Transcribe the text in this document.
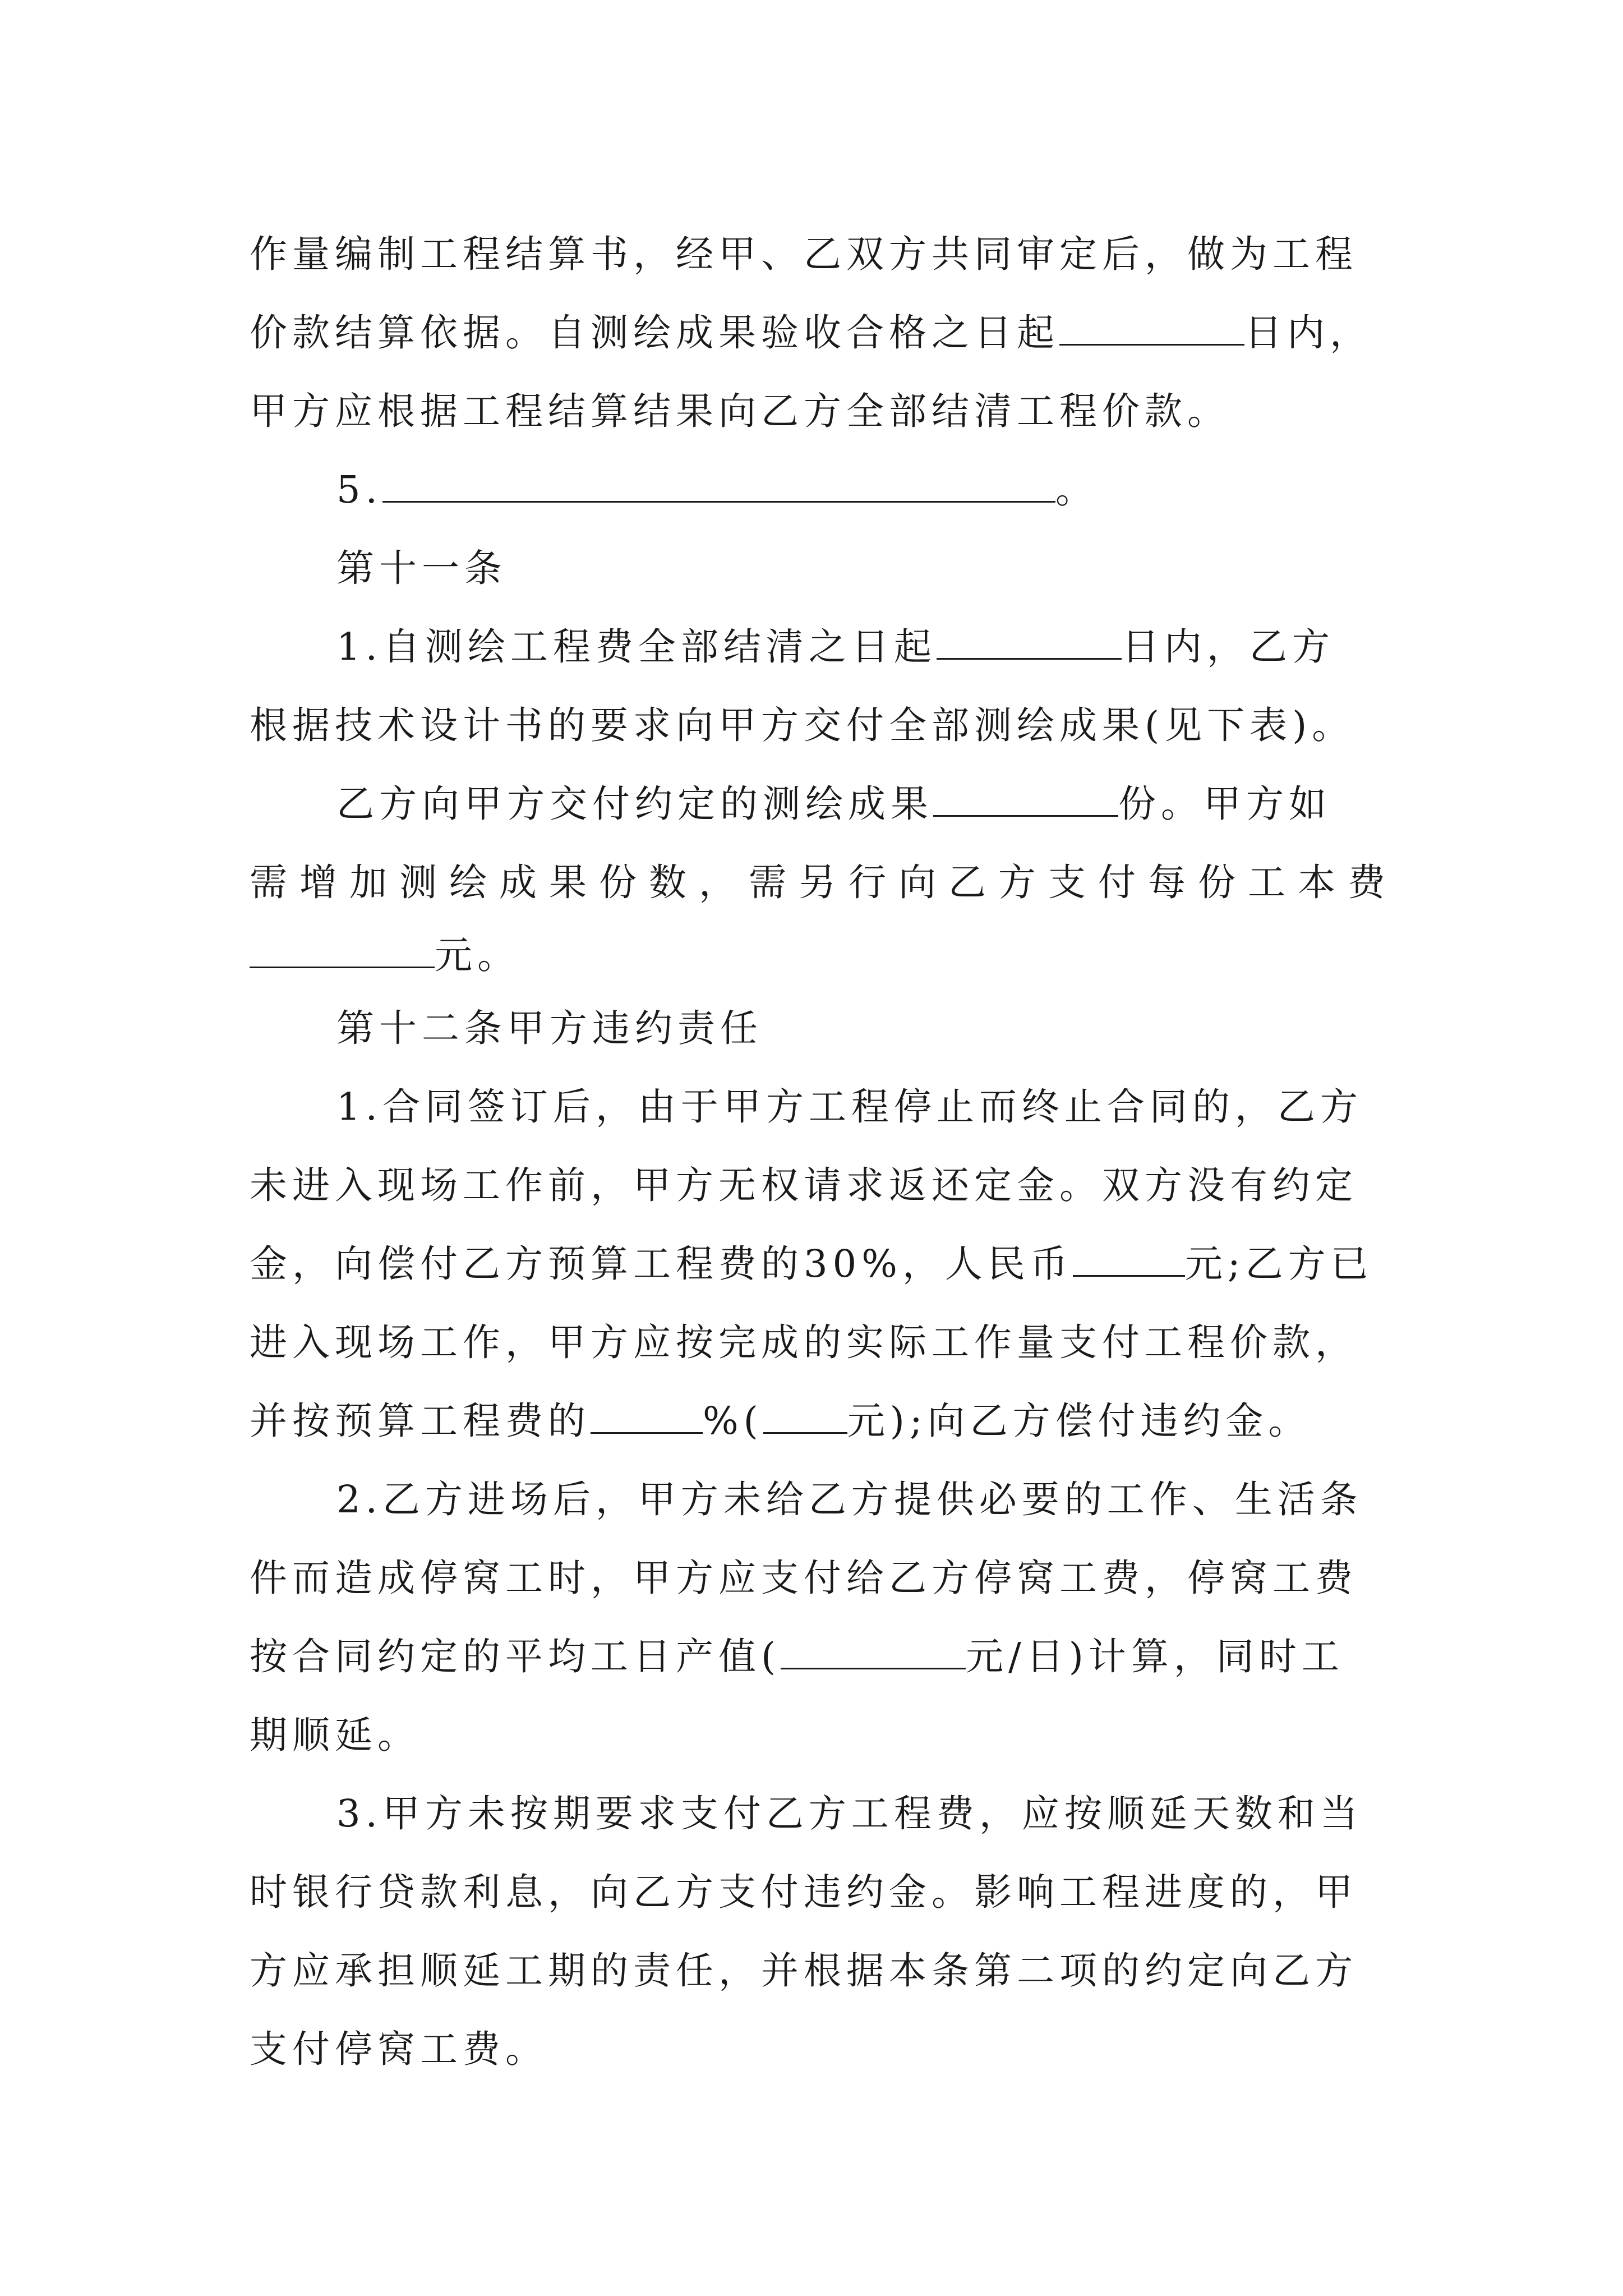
作量编制工程结算书，经甲、乙双方共同审定后，做为工程
价款结算依据。自测绘成果验收合格之日起	日内，
甲方应根据工程结算结果向乙方全部结清工程价款。
5.	。
第十一条
1.自测绘工程费全部结清之日起	日内，乙方
根据技术设计书的要求向甲方交付全部测绘成果(见下表)。
乙方向甲方交付约定的测绘成果	份。甲方如
需增加测绘成果份数，需另行向乙方支付每份工本费
元。
第十二条甲方违约责任
1.合同签订后，由于甲方工程停止而终止合同的，乙方
未进入现场工作前，甲方无权请求返还定金。双方没有约定
金，向偿付乙方预算工程费的30%，人民币	元;乙方已
进入现场工作，甲方应按完成的实际工作量支付工程价款，
并按预算工程费的	%( 元);向乙方偿付违约金。
2.乙方进场后，甲方未给乙方提供必要的工作、生活条
件而造成停窝工时，甲方应支付给乙方停窝工费，停窝工费
按合同约定的平均工日产值(	元/日)计算，同时工
期顺延。
3.甲方未按期要求支付乙方工程费，应按顺延天数和当
时银行贷款利息，向乙方支付违约金。影响工程进度的，甲
方应承担顺延工期的责任，并根据本条第二项的约定向乙方
支付停窝工费。
